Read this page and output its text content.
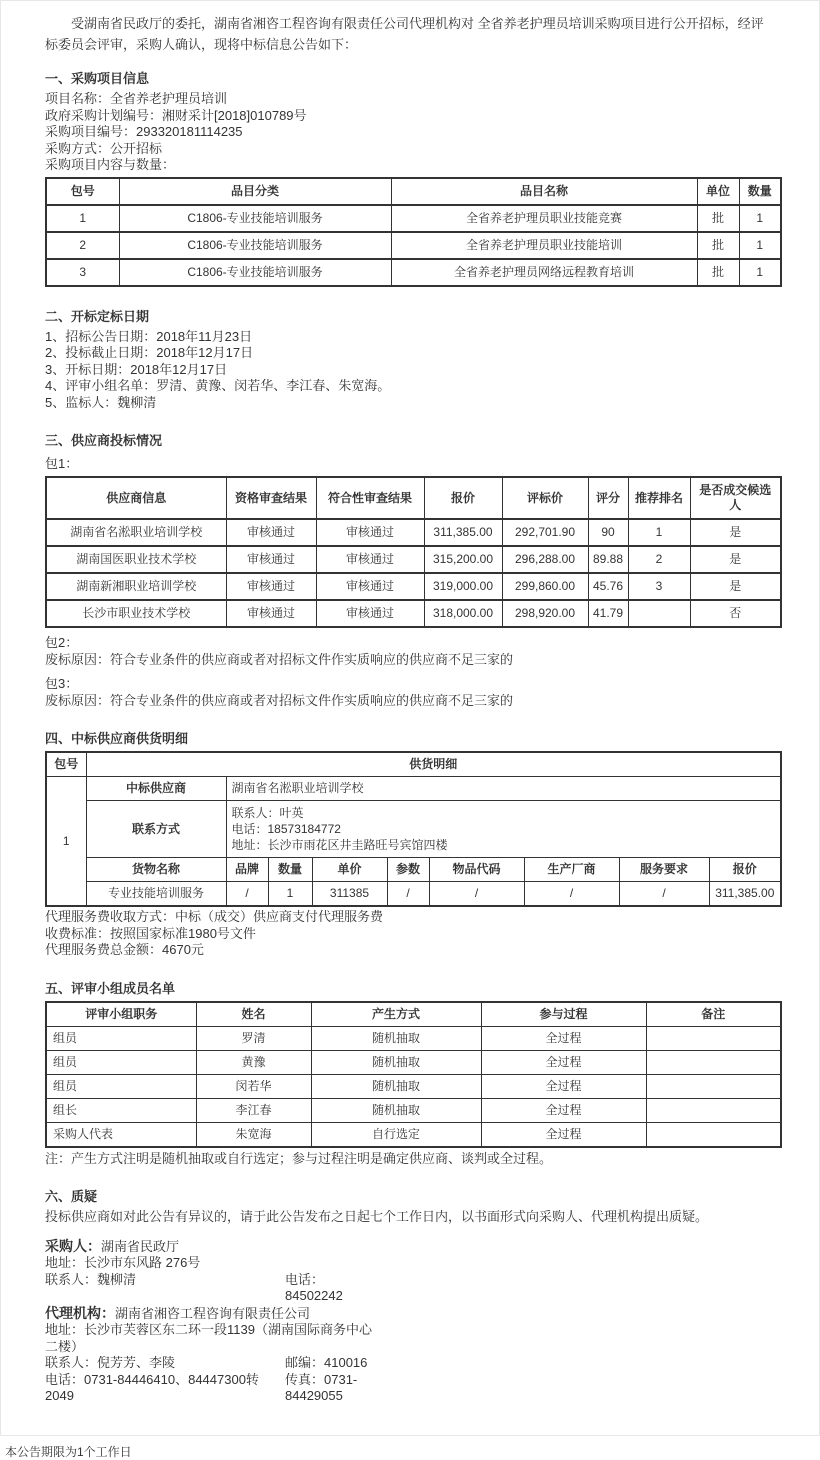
受湖南省民政厅的委托，湖南省湘咨工程咨询有限责任公司代理机构对 全省养老护理员培训采购项目进行公开招标，经评标委员会评审，采购人确认，现将中标信息公告如下：

一、采购项目信息
项目名称：全省养老护理员培训
政府采购计划编号：湘财采计[2018]010789号
采购项目编号：293320181114235
采购方式：公开招标
采购项目内容与数量：
包号	品目分类	品目名称	单位	数量
1	C1806-专业技能培训服务	全省养老护理员职业技能竞赛	批	1
2	C1806-专业技能培训服务	全省养老护理员职业技能培训	批	1
3	C1806-专业技能培训服务	全省养老护理员网络远程教育培训	批	1
二、开标定标日期
1、招标公告日期：2018年11月23日
2、投标截止日期：2018年12月17日
3、开标日期：2018年12月17日
4、评审小组名单：罗清、黄豫、闵若华、李江春、朱宽海。
5、监标人：魏柳清
三、供应商投标情况
包1：
供应商信息	资格审查结果	符合性审查结果	报价	评标价	评分	推荐排名	是否成交候选人
湖南省名淞职业培训学校	审核通过	审核通过	311,385.00	292,701.90	90	1	是
湖南国医职业技术学校	审核通过	审核通过	315,200.00	296,288.00	89.88	2	是
湖南新湘职业培训学校	审核通过	审核通过	319,000.00	299,860.00	45.76	3	是
长沙市职业技术学校	审核通过	审核通过	318,000.00	298,920.00	41.79		否
包2：
废标原因：符合专业条件的供应商或者对招标文件作实质响应的供应商不足三家的
包3：
废标原因：符合专业条件的供应商或者对招标文件作实质响应的供应商不足三家的
四、中标供应商供货明细
包号	供货明细								
1	中标供应商	湖南省名淞职业培训学校							
	联系方式	联系人：叶英
电话：18573184772
地址：长沙市雨花区井圭路旺号宾馆四楼							

	货物名称	品牌	数量	单价	参数	物品代码	生产厂商	服务要求	报价
	专业技能培训服务	/	1	311385	/	/	/	/	311,385.00
代理服务费收取方式：中标（成交）供应商支付代理服务费
收费标准：按照国家标准1980号文件
代理服务费总金额：4670元
五、评审小组成员名单
评审小组职务	姓名	产生方式	参与过程	备注
组员	罗清	随机抽取	全过程	
组员	黄豫	随机抽取	全过程	
组员	闵若华	随机抽取	全过程	
组长	李江春	随机抽取	全过程	
采购人代表	朱宽海	自行选定	全过程	
注：产生方式注明是随机抽取或自行选定；参与过程注明是确定供应商、谈判或全过程。
六、质疑
投标供应商如对此公告有异议的，请于此公告发布之日起七个工作日内，以书面形式向采购人、代理机构提出质疑。
采购人：湖南省民政厅
地址：长沙市东风路 276号
联系人：魏柳清	电话：84502242
代理机构：湖南省湘咨工程咨询有限责任公司
地址：长沙市芙蓉区东二环一段1139（湖南国际商务中心二楼）
联系人：倪芳芳、李陵	邮编：410016
电话：0731-84446410、84447300转2049
传真：0731-84429055
本公告期限为1个工作日
